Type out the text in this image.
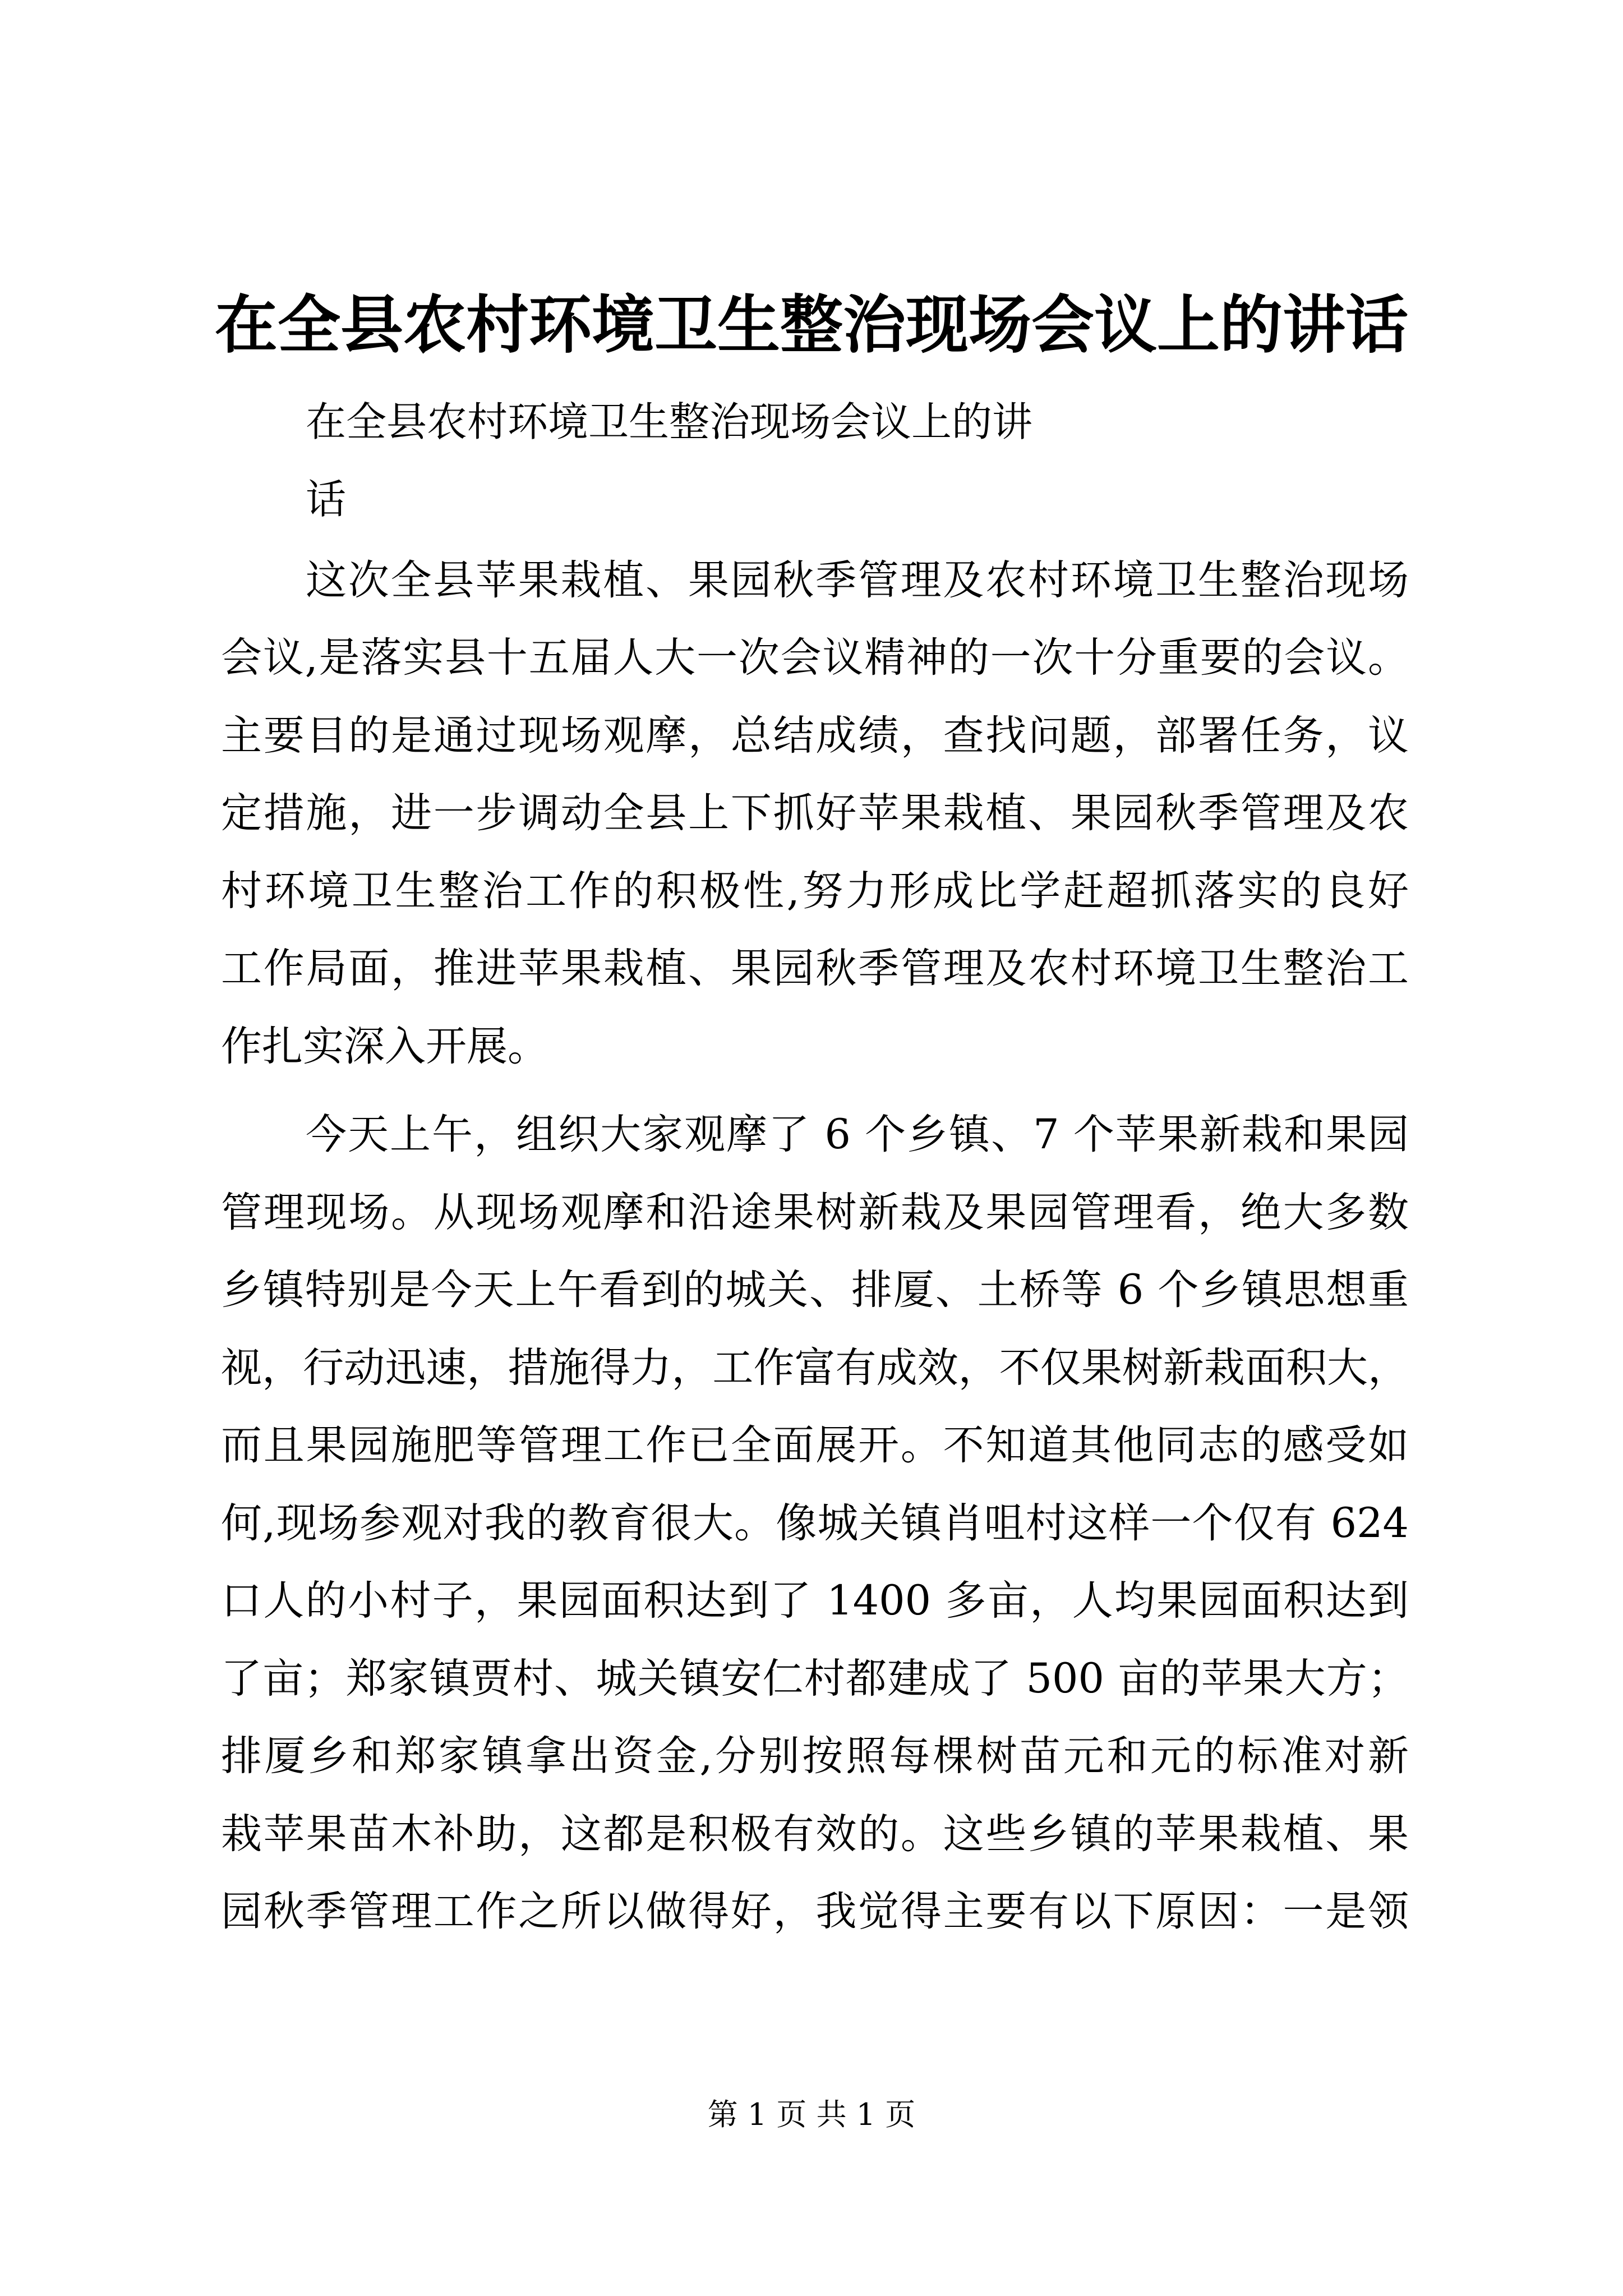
在全县农村环境卫生整治现场会议上的讲话
在全县农村环境卫生整治现场会议上的讲
话
这次全县苹果栽植、果园秋季管理及农村环境卫生整治现场
会议,是落实县十五届人大一次会议精神的一次十分重要的会议。
主要目的是通过现场观摩，总结成绩，查找问题，部署任务，议
定措施，进一步调动全县上下抓好苹果栽植、果园秋季管理及农
村环境卫生整治工作的积极性,努力形成比学赶超抓落实的良好
工作局面，推进苹果栽植、果园秋季管理及农村环境卫生整治工
作扎实深入开展。
今天上午，组织大家观摩了 6 个乡镇、7 个苹果新栽和果园
管理现场。从现场观摩和沿途果树新栽及果园管理看，绝大多数
乡镇特别是今天上午看到的城关、排厦、土桥等 6 个乡镇思想重
视，行动迅速，措施得力，工作富有成效，不仅果树新栽面积大，
而且果园施肥等管理工作已全面展开。不知道其他同志的感受如
何,现场参观对我的教育很大。像城关镇肖咀村这样一个仅有 624
口人的小村子，果园面积达到了 1400 多亩，人均果园面积达到
了亩；郑家镇贾村、城关镇安仁村都建成了 500 亩的苹果大方；
排厦乡和郑家镇拿出资金,分别按照每棵树苗元和元的标准对新
栽苹果苗木补助，这都是积极有效的。这些乡镇的苹果栽植、果
园秋季管理工作之所以做得好，我觉得主要有以下原因：一是领
第 1 页 共 1 页
